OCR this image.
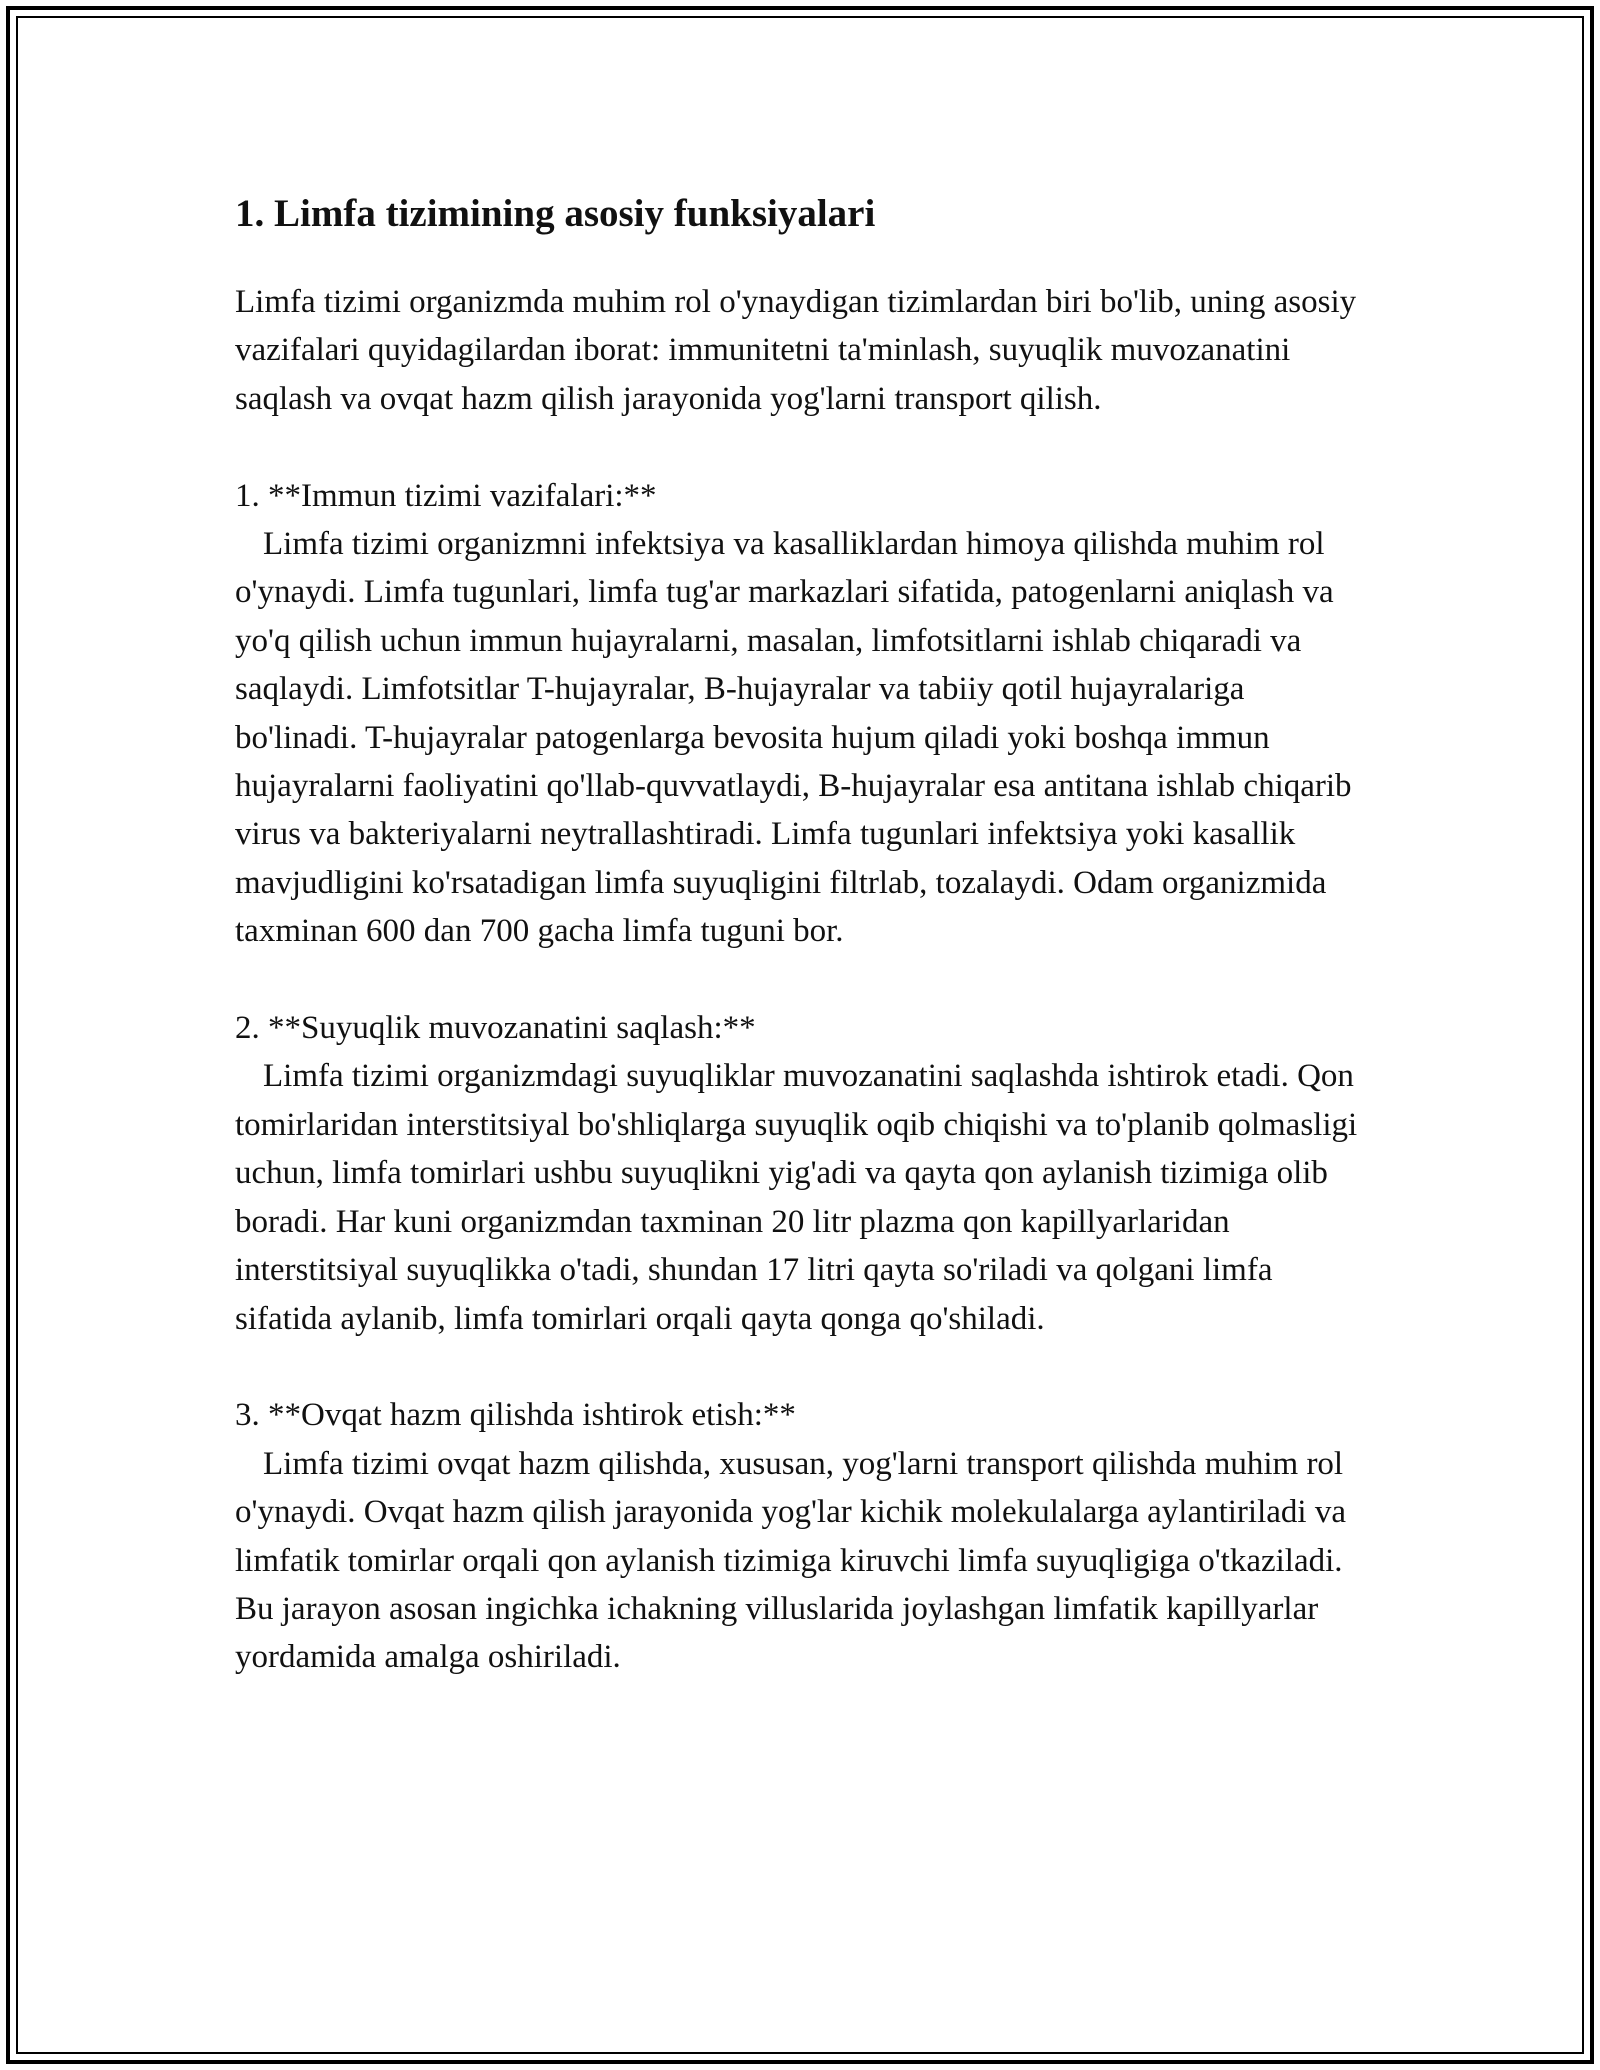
1. Limfa tizimining asosiy funksiyalari

Limfa tizimi organizmda muhim rol o'ynaydigan tizimlardan biri bo'lib, uning asosiy vazifalari quyidagilardan iborat: immunitetni ta'minlash, suyuqlik muvozanatini saqlash va ovqat hazm qilish jarayonida yog'larni transport qilish.

1. **Immun tizimi vazifalari:**

Limfa tizimi organizmni infektsiya va kasalliklardan himoya qilishda muhim rol o'ynaydi. Limfa tugunlari, limfa tug'ar markazlari sifatida, patogenlarni aniqlash va yo'q qilish uchun immun hujayralarni, masalan, limfotsitlarni ishlab chiqaradi va saqlaydi. Limfotsitlar T-hujayralar, B-hujayralar va tabiiy qotil hujayralariga bo'linadi. T-hujayralar patogenlarga bevosita hujum qiladi yoki boshqa immun hujayralarni faoliyatini qo'llab-quvvatlaydi, B-hujayralar esa antitana ishlab chiqarib virus va bakteriyalarni neytrallashtiradi. Limfa tugunlari infektsiya yoki kasallik mavjudligini ko'rsatadigan limfa suyuqligini filtrlab, tozalaydi. Odam organizmida taxminan 600 dan 700 gacha limfa tuguni bor.

2. **Suyuqlik muvozanatini saqlash:**

Limfa tizimi organizmdagi suyuqliklar muvozanatini saqlashda ishtirok etadi. Qon tomirlaridan interstitsiyal bo'shliqlarga suyuqlik oqib chiqishi va to'planib qolmasligi uchun, limfa tomirlari ushbu suyuqlikni yig'adi va qayta qon aylanish tizimiga olib boradi. Har kuni organizmdan taxminan 20 litr plazma qon kapillyarlaridan interstitsiyal suyuqlikka o'tadi, shundan 17 litri qayta so'riladi va qolgani limfa sifatida aylanib, limfa tomirlari orqali qayta qonga qo'shiladi.

3. **Ovqat hazm qilishda ishtirok etish:**

Limfa tizimi ovqat hazm qilishda, xususan, yog'larni transport qilishda muhim rol o'ynaydi. Ovqat hazm qilish jarayonida yog'lar kichik molekulalarga aylantiriladi va limfatik tomirlar orqali qon aylanish tizimiga kiruvchi limfa suyuqligiga o'tkaziladi. Bu jarayon asosan ingichka ichakning villuslarida joylashgan limfatik kapillyarlar yordamida amalga oshiriladi.
